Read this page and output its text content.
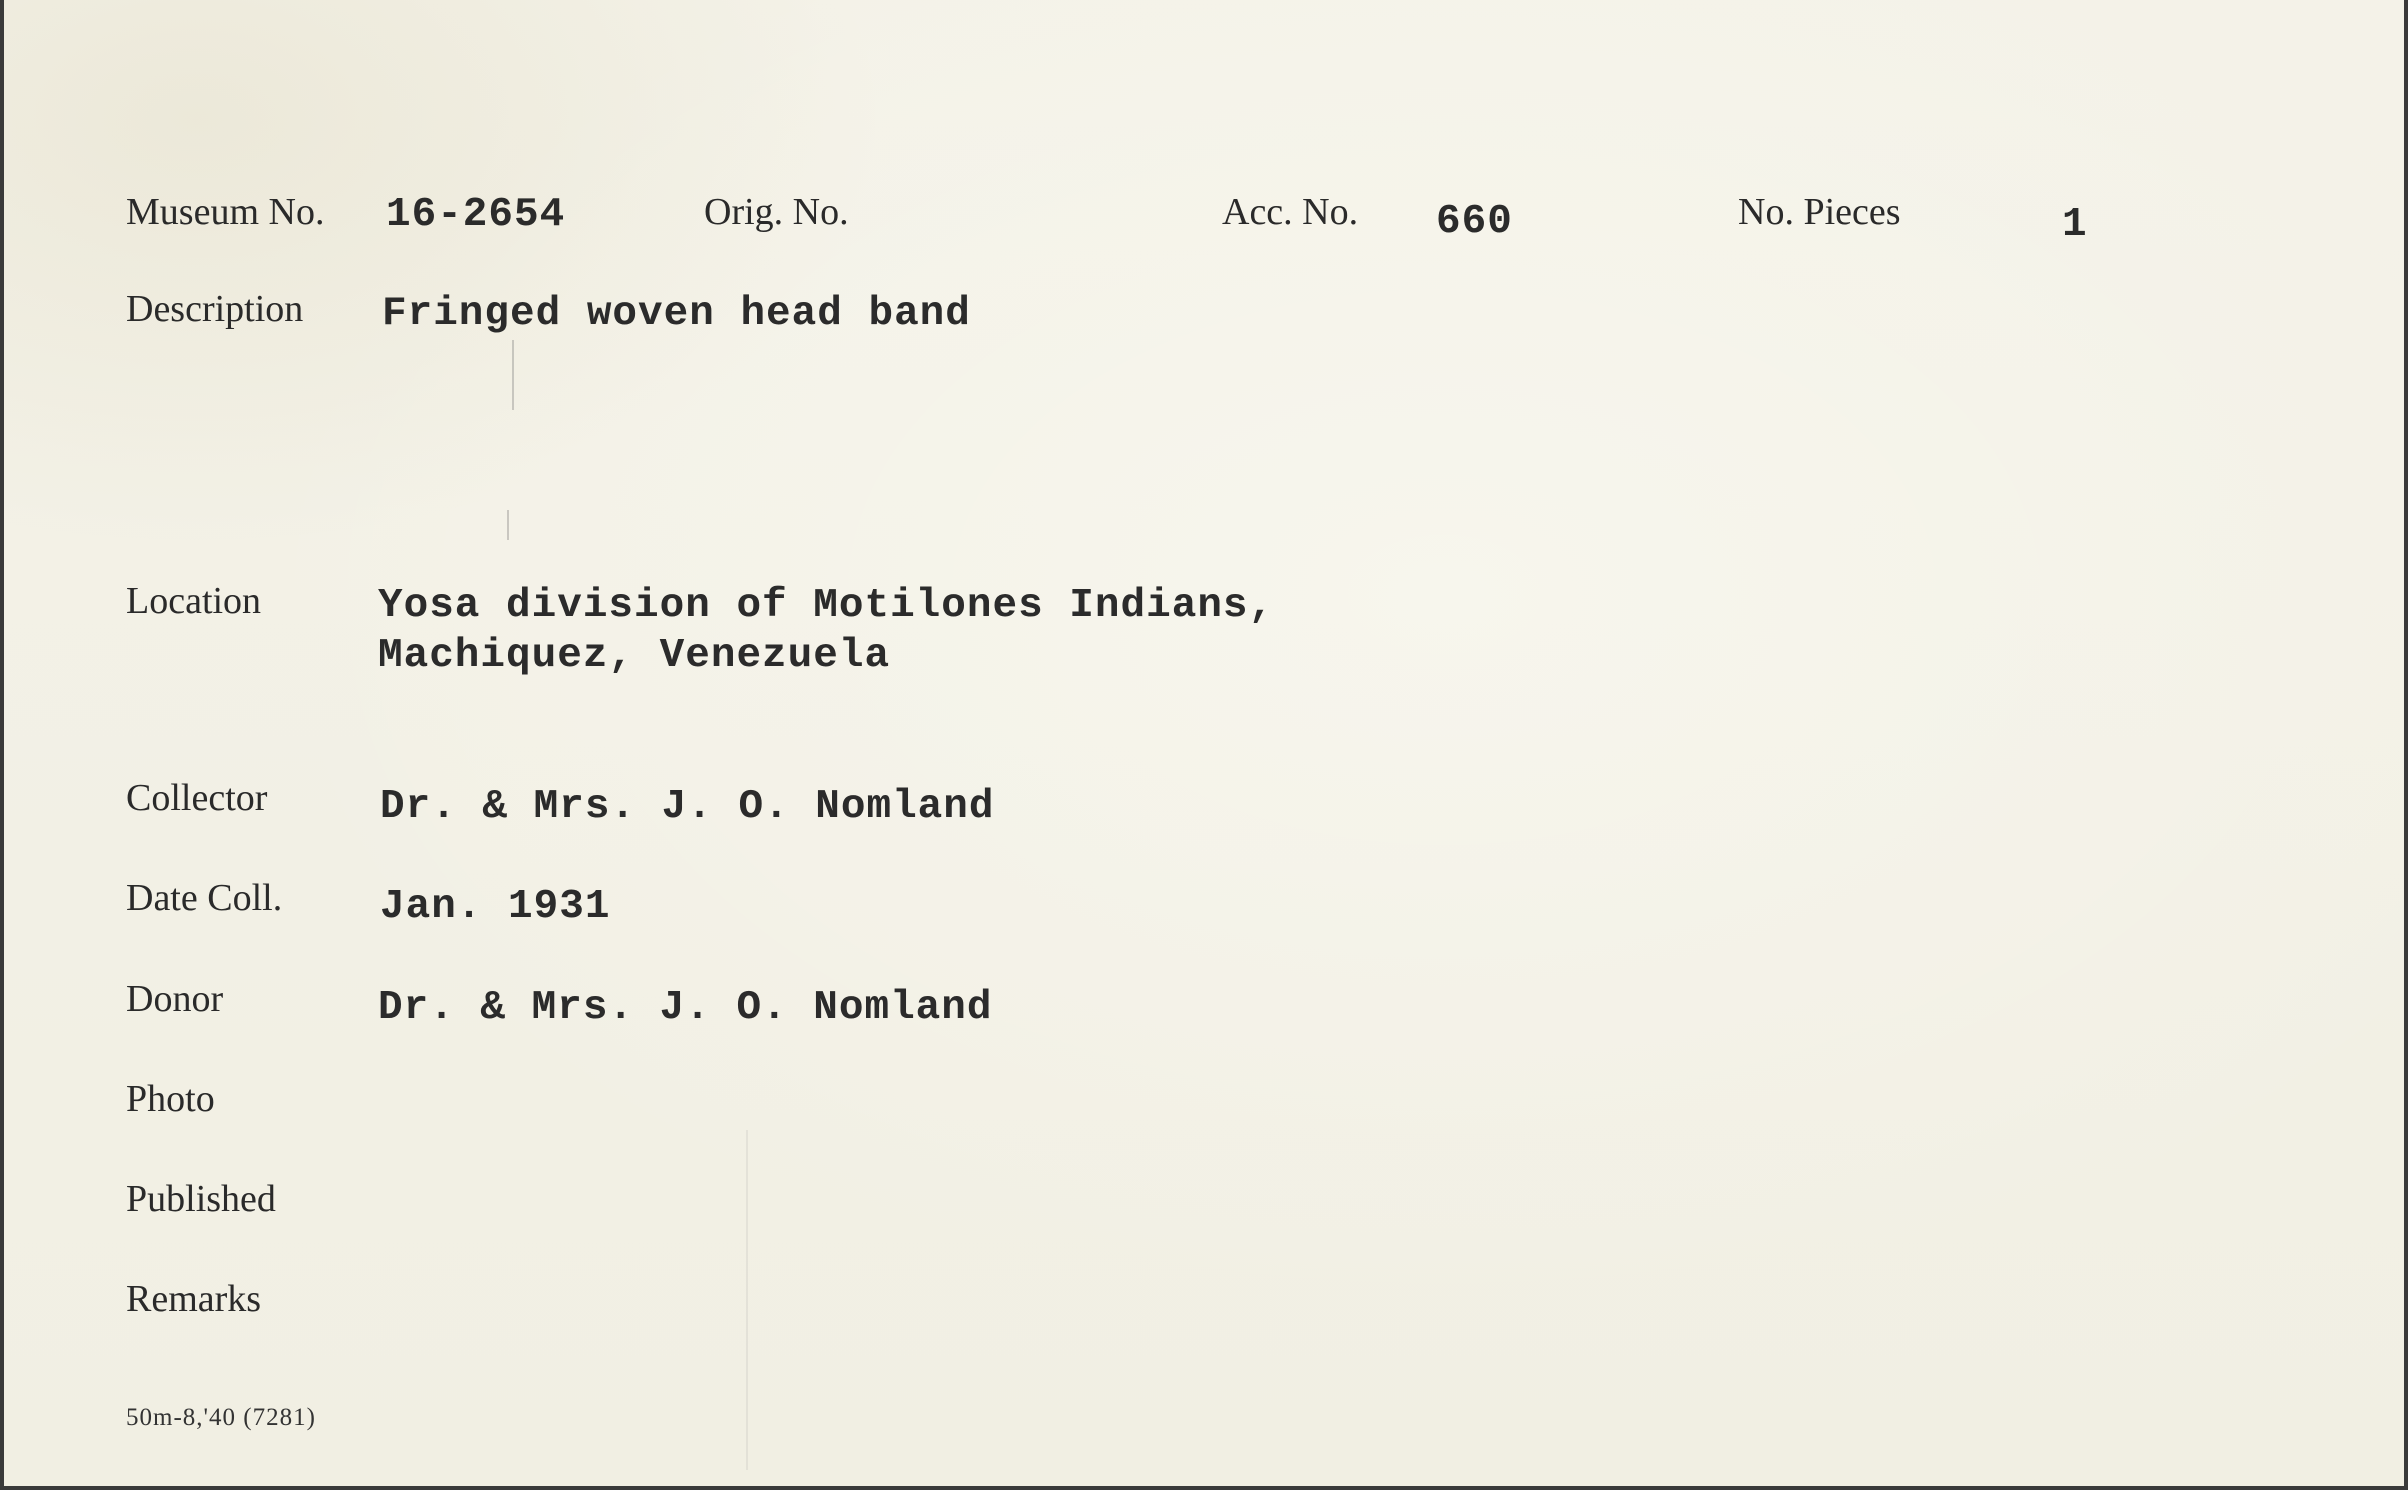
Museum No. 16-2654	Orig. No.	Acc. No. 660	No. Pieces	1
Description Fringed woven head band
Location	Yosa division of Motilones Indians,
Machiquez, Venezuela
Collector	Dr. & Mrs. J. O. Nomland
Date Coll. Jan. 1931
Donor	Dr. & Mrs. J. O. Nomland
Photo
Published
Remarks
50m-8,'40 (7281)
